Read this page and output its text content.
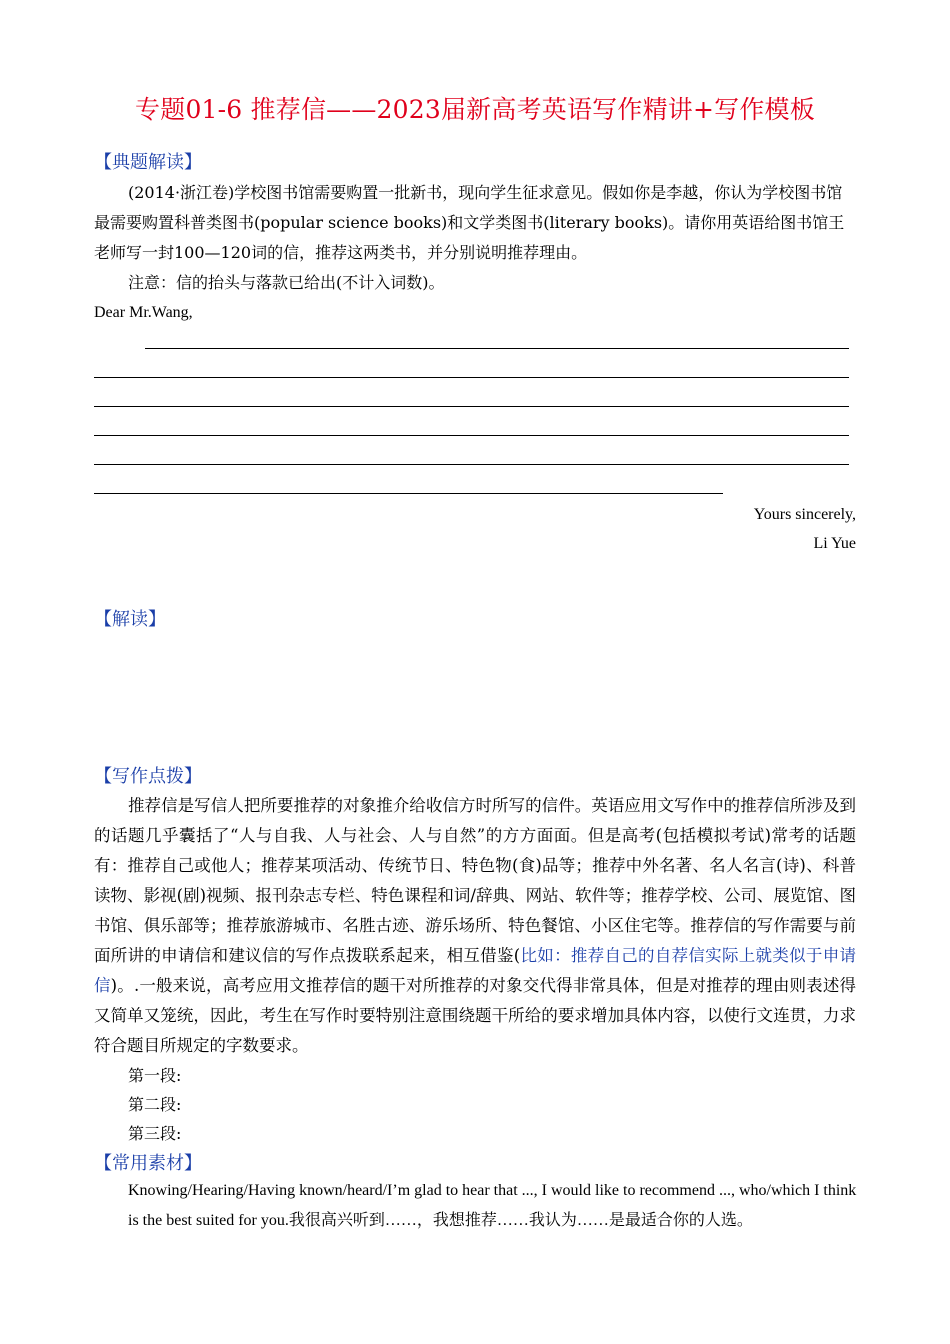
专题01-6 推荐信——2023届新高考英语写作精讲+写作模板
【典题解读】
(2014·浙江卷)学校图书馆需要购置一批新书，现向学生征求意见。假如你是李越，你认为学校图书馆最需要购置科普类图书(popular science books)和文学类图书(literary books)。请你用英语给图书馆王老师写一封100—120词的信，推荐这两类书，并分别说明推荐理由。
注意：信的抬头与落款已给出(不计入词数)。
Dear Mr.Wang,
Yours sincerely,
Li Yue
【解读】
【写作点拨】
推荐信是写信人把所要推荐的对象推介给收信方时所写的信件。英语应用文写作中的推荐信所涉及到的话题几乎囊括了“人与自我、人与社会、人与自然”的方方面面。但是高考(包括模拟考试)常考的话题有：推荐自己或他人；推荐某项活动、传统节日、特色物(食)品等；推荐中外名著、名人名言(诗)、科普读物、影视(剧)视频、报刊杂志专栏、特色课程和词/辞典、网站、软件等；推荐学校、公司、展览馆、图书馆、俱乐部等；推荐旅游城市、名胜古迹、游乐场所、特色餐馆、小区住宅等。推荐信的写作需要与前面所讲的申请信和建议信的写作点拨联系起来，相互借鉴(比如：推荐自己的自荐信实际上就类似于申请信)。.一般来说，高考应用文推荐信的题干对所推荐的对象交代得非常具体，但是对推荐的理由则表述得又简单又笼统，因此，考生在写作时要特别注意围绕题干所给的要求增加具体内容，以使行文连贯，力求符合题目所规定的字数要求。
第一段:
第二段:
第三段:
【常用素材】
Knowing/Hearing/Having known/heard/I’m glad to hear that ..., I would like to recommend ..., who/which I think is the best suited for you.我很高兴听到……，我想推荐……我认为……是最适合你的人选。
